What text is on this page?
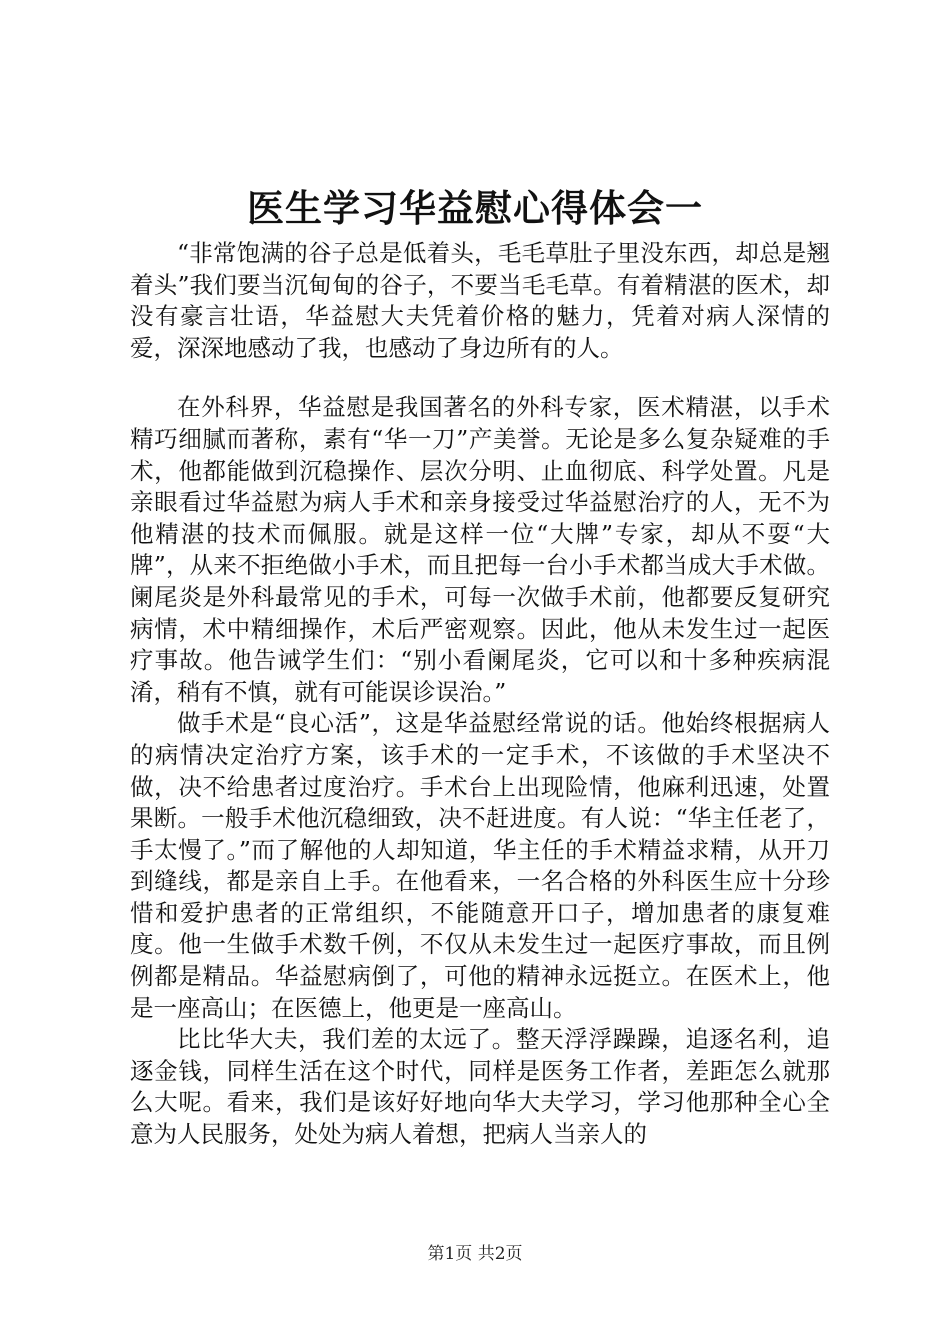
医生学习华益慰心得体会一

“非常饱满的谷子总是低着头，毛毛草肚子里没东西，却总是翘着头”我们要当沉甸甸的谷子，不要当毛毛草。有着精湛的医术，却没有豪言壮语，华益慰大夫凭着价格的魅力，凭着对病人深情的爱，深深地感动了我，也感动了身边所有的人。

在外科界，华益慰是我国著名的外科专家，医术精湛，以手术精巧细腻而著称，素有“华一刀”产美誉。无论是多么复杂疑难的手术，他都能做到沉稳操作、层次分明、止血彻底、科学处置。凡是亲眼看过华益慰为病人手术和亲身接受过华益慰治疗的人，无不为他精湛的技术而佩服。就是这样一位“大牌”专家，却从不耍“大牌”，从来不拒绝做小手术，而且把每一台小手术都当成大手术做。阑尾炎是外科最常见的手术，可每一次做手术前，他都要反复研究病情，术中精细操作，术后严密观察。因此，他从未发生过一起医疗事故。他告诫学生们：“别小看阑尾炎，它可以和十多种疾病混淆，稍有不慎，就有可能误诊误治。”

做手术是“良心活”，这是华益慰经常说的话。他始终根据病人的病情决定治疗方案，该手术的一定手术，不该做的手术坚决不做，决不给患者过度治疗。手术台上出现险情，他麻利迅速，处置果断。一般手术他沉稳细致，决不赶进度。有人说：“华主任老了，手太慢了。”而了解他的人却知道，华主任的手术精益求精，从开刀到缝线，都是亲自上手。在他看来，一名合格的外科医生应十分珍惜和爱护患者的正常组织，不能随意开口子，增加患者的康复难度。他一生做手术数千例，不仅从未发生过一起医疗事故，而且例例都是精品。华益慰病倒了，可他的精神永远挺立。在医术上，他是一座高山；在医德上，他更是一座高山。

比比华大夫，我们差的太远了。整天浮浮躁躁，追逐名利，追逐金钱，同样生活在这个时代，同样是医务工作者，差距怎么就那么大呢。看来，我们是该好好地向华大夫学习，学习他那种全心全意为人民服务，处处为病人着想，把病人当亲人的

第1页 共2页
